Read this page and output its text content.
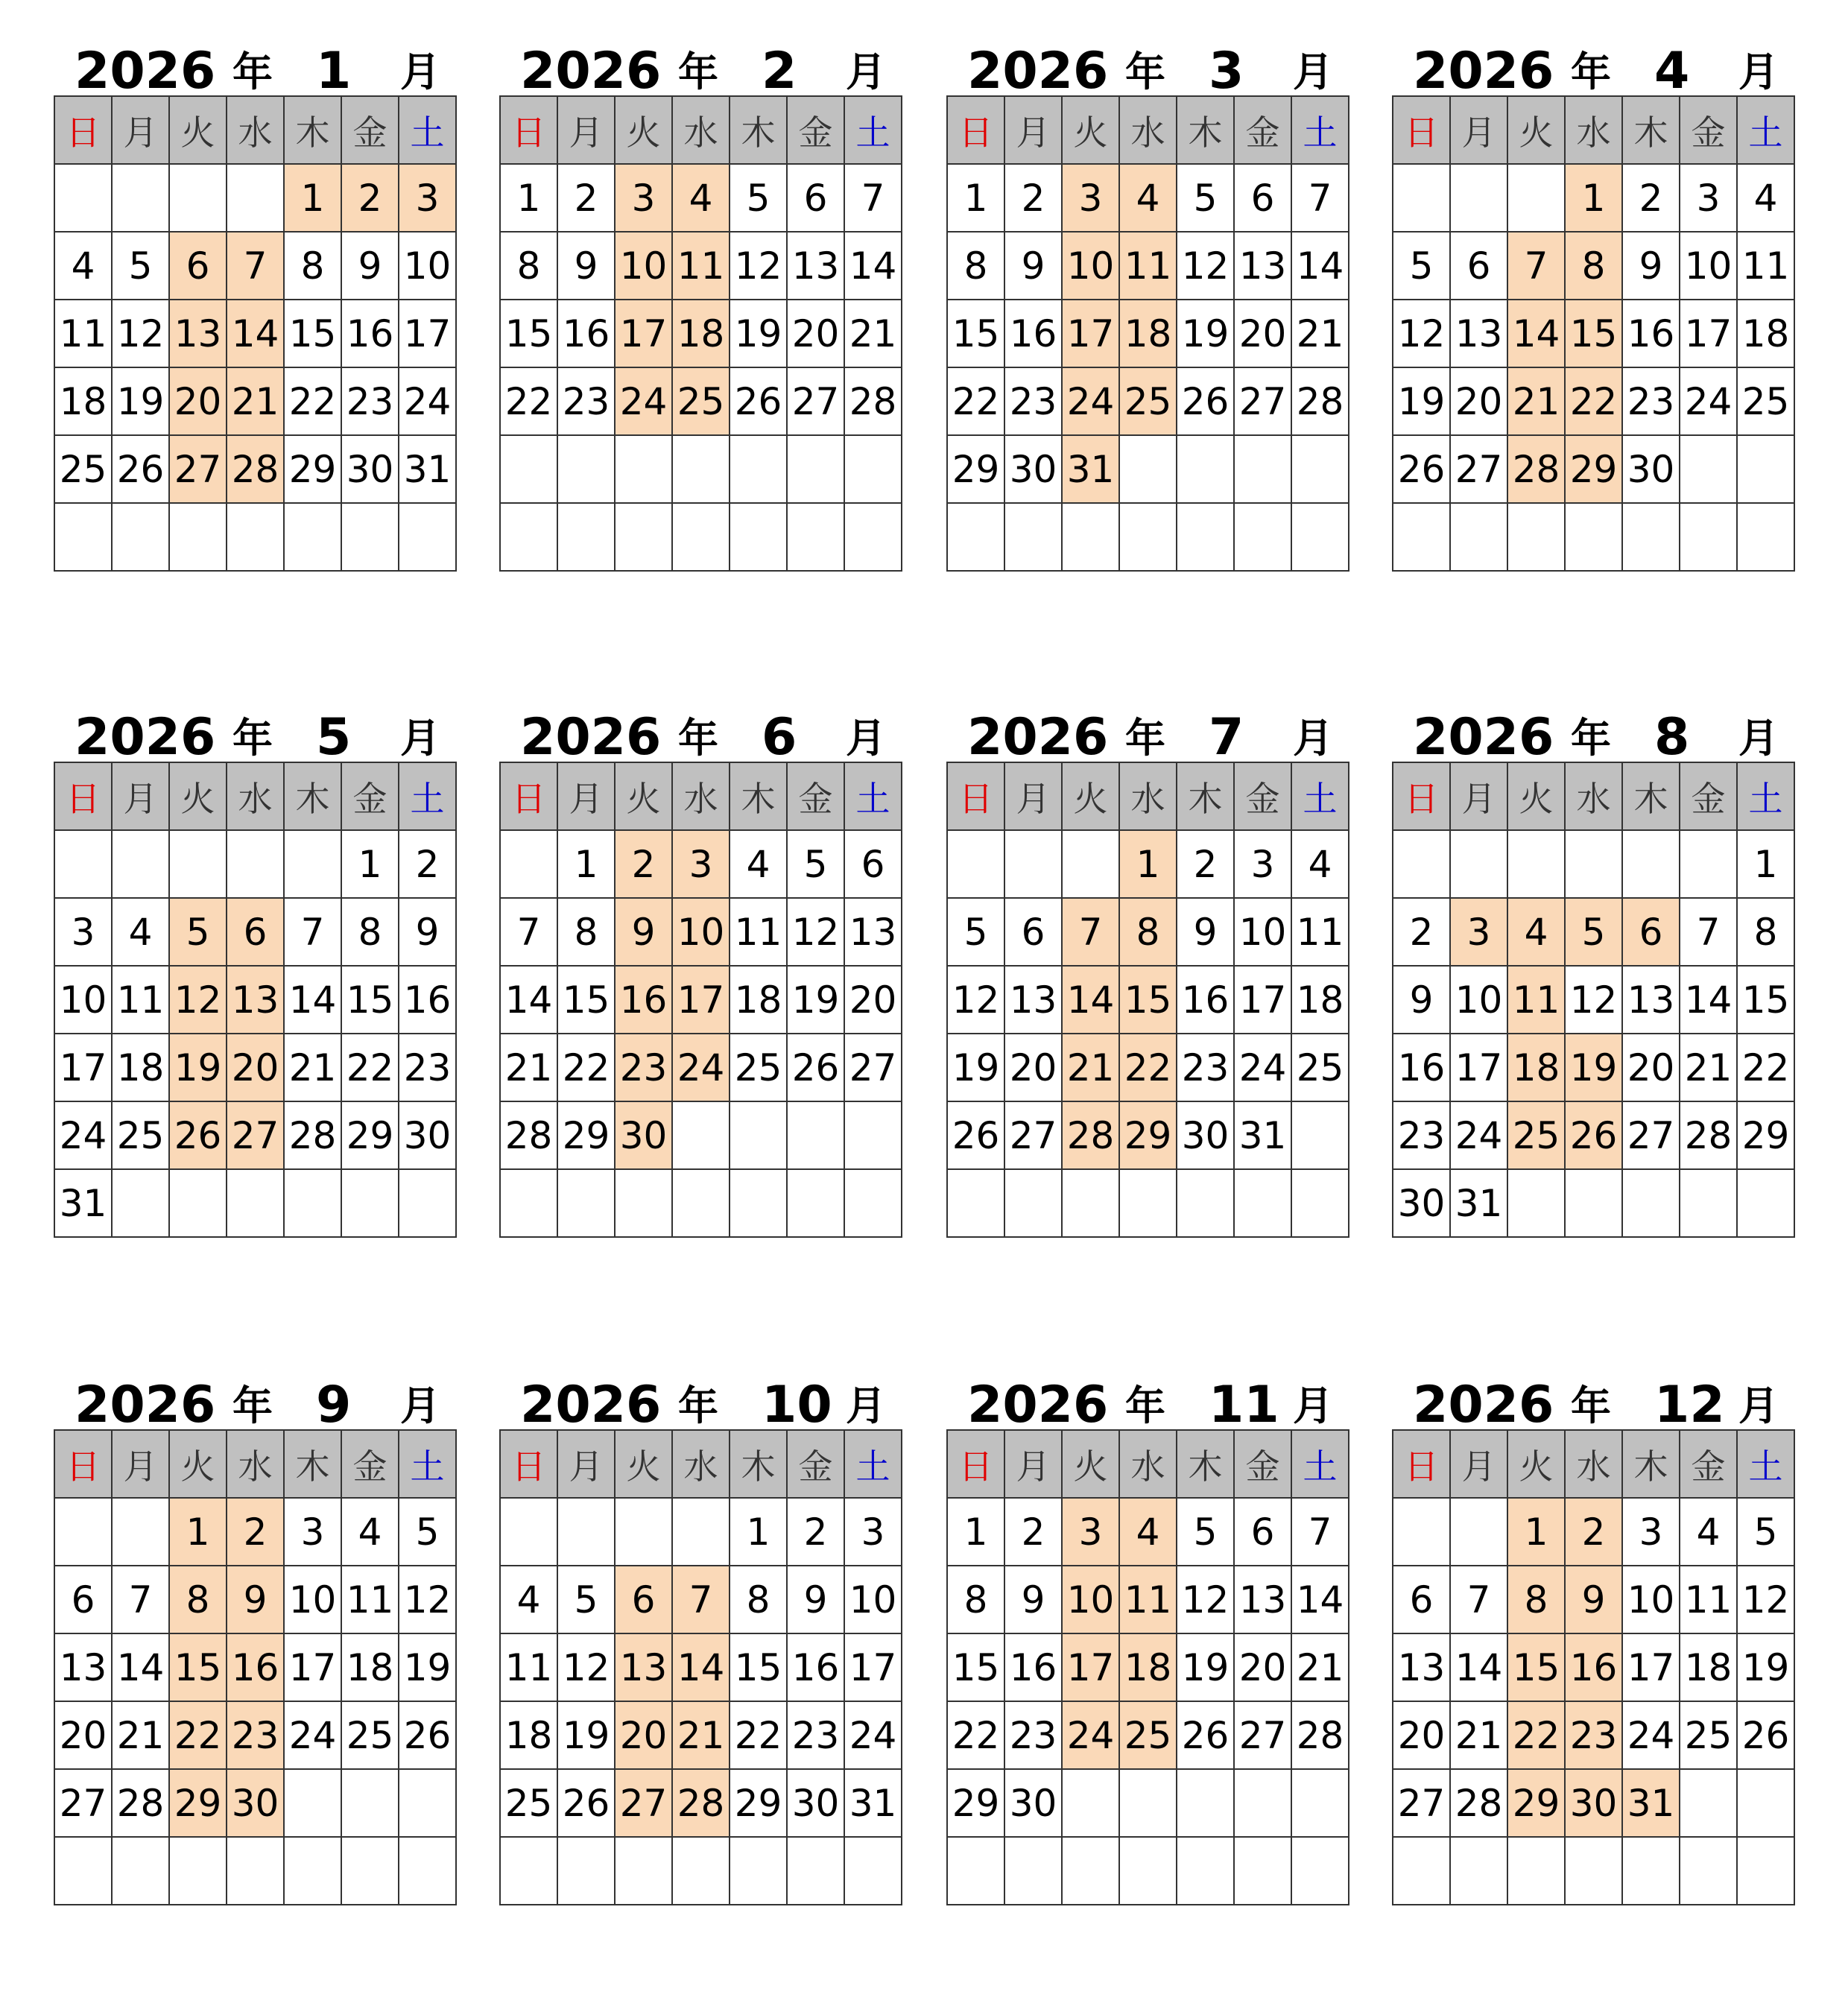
2026 年 1 月
日	月	火	水	木	金	土
				1	2	3
4	5	6	7	8	9	10
11	12	13	14	15	16	17
18	19	20	21	22	23	24
25	26	27	28	29	30	31

2026 年 2 月
日	月	火	水	木	金	土
1	2	3	4	5	6	7
8	9	10	11	12	13	14
15	16	17	18	19	20	21
22	23	24	25	26	27	28

2026 年 3 月
日	月	火	水	木	金	土
1	2	3	4	5	6	7
8	9	10	11	12	13	14
15	16	17	18	19	20	21
22	23	24	25	26	27	28
29	30	31				

2026 年 4 月
日	月	火	水	木	金	土
			1	2	3	4
5	6	7	8	9	10	11
12	13	14	15	16	17	18
19	20	21	22	23	24	25
26	27	28	29	30		

2026 年 5 月
日	月	火	水	木	金	土
					1	2
3	4	5	6	7	8	9
10	11	12	13	14	15	16
17	18	19	20	21	22	23
24	25	26	27	28	29	30
31						
2026 年 6 月
日	月	火	水	木	金	土
	1	2	3	4	5	6
7	8	9	10	11	12	13
14	15	16	17	18	19	20
21	22	23	24	25	26	27
28	29	30				

2026 年 7 月
日	月	火	水	木	金	土
			1	2	3	4
5	6	7	8	9	10	11
12	13	14	15	16	17	18
19	20	21	22	23	24	25
26	27	28	29	30	31	

2026 年 8 月
日	月	火	水	木	金	土
						1
2	3	4	5	6	7	8
9	10	11	12	13	14	15
16	17	18	19	20	21	22
23	24	25	26	27	28	29
30	31					
2026 年 9 月
日	月	火	水	木	金	土
		1	2	3	4	5
6	7	8	9	10	11	12
13	14	15	16	17	18	19
20	21	22	23	24	25	26
27	28	29	30			

2026 年 10 月
日	月	火	水	木	金	土
				1	2	3
4	5	6	7	8	9	10
11	12	13	14	15	16	17
18	19	20	21	22	23	24
25	26	27	28	29	30	31

2026 年 11 月
日	月	火	水	木	金	土
1	2	3	4	5	6	7
8	9	10	11	12	13	14
15	16	17	18	19	20	21
22	23	24	25	26	27	28
29	30					

2026 年 12 月
日	月	火	水	木	金	土
		1	2	3	4	5
6	7	8	9	10	11	12
13	14	15	16	17	18	19
20	21	22	23	24	25	26
27	28	29	30	31		
